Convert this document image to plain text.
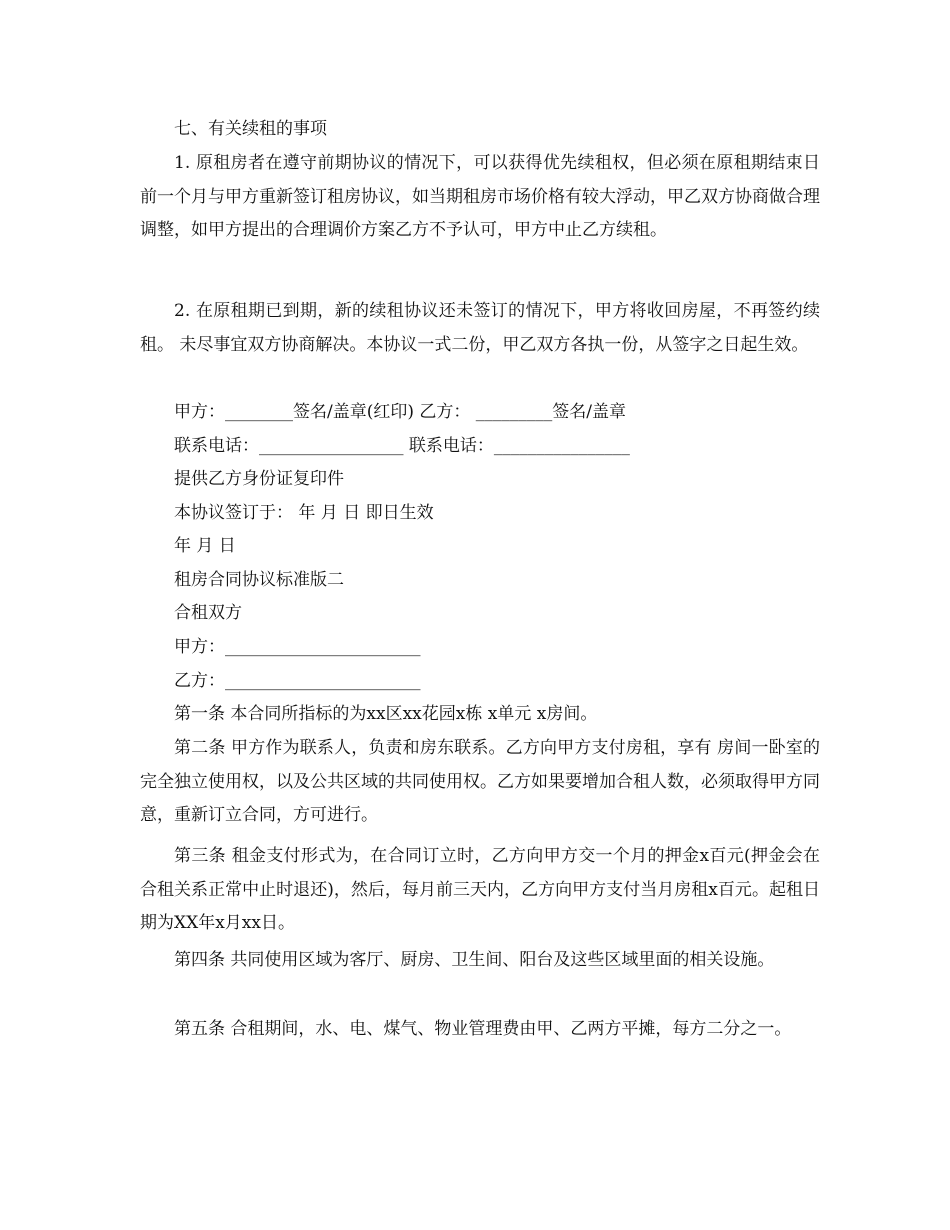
七、有关续租的事项

1. 原租房者在遵守前期协议的情况下，可以获得优先续租权，但必须在原租期结束日前一个月与甲方重新签订租房协议，如当期租房市场价格有较大浮动，甲乙双方协商做合理调整，如甲方提出的合理调价方案乙方不予认可，甲方中止乙方续租。

2. 在原租期已到期，新的续租协议还未签订的情况下，甲方将收回房屋，不再签约续租。 未尽事宜双方协商解决。本协议一式二份，甲乙双方各执一份，从签字之日起生效。

甲方：________签名/盖章(红印) 乙方： _________签名/盖章

联系电话：_________________ 联系电话：________________

提供乙方身份证复印件

本协议签订于： 年 月 日 即日生效

年 月 日

租房合同协议标准版二

合租双方

甲方：_______________________

乙方：_______________________

第一条 本合同所指标的为xx区xx花园x栋 x单元 x房间。

第二条 甲方作为联系人，负责和房东联系。乙方向甲方支付房租，享有 房间一卧室的完全独立使用权，以及公共区域的共同使用权。乙方如果要增加合租人数，必须取得甲方同意，重新订立合同，方可进行。

第三条 租金支付形式为，在合同订立时，乙方向甲方交一个月的押金x百元(押金会在合租关系正常中止时退还)，然后，每月前三天内，乙方向甲方支付当月房租x百元。起租日期为XX年x月xx日。

第四条 共同使用区域为客厅、厨房、卫生间、阳台及这些区域里面的相关设施。

第五条 合租期间，水、电、煤气、物业管理费由甲、乙两方平摊，每方二分之一。
